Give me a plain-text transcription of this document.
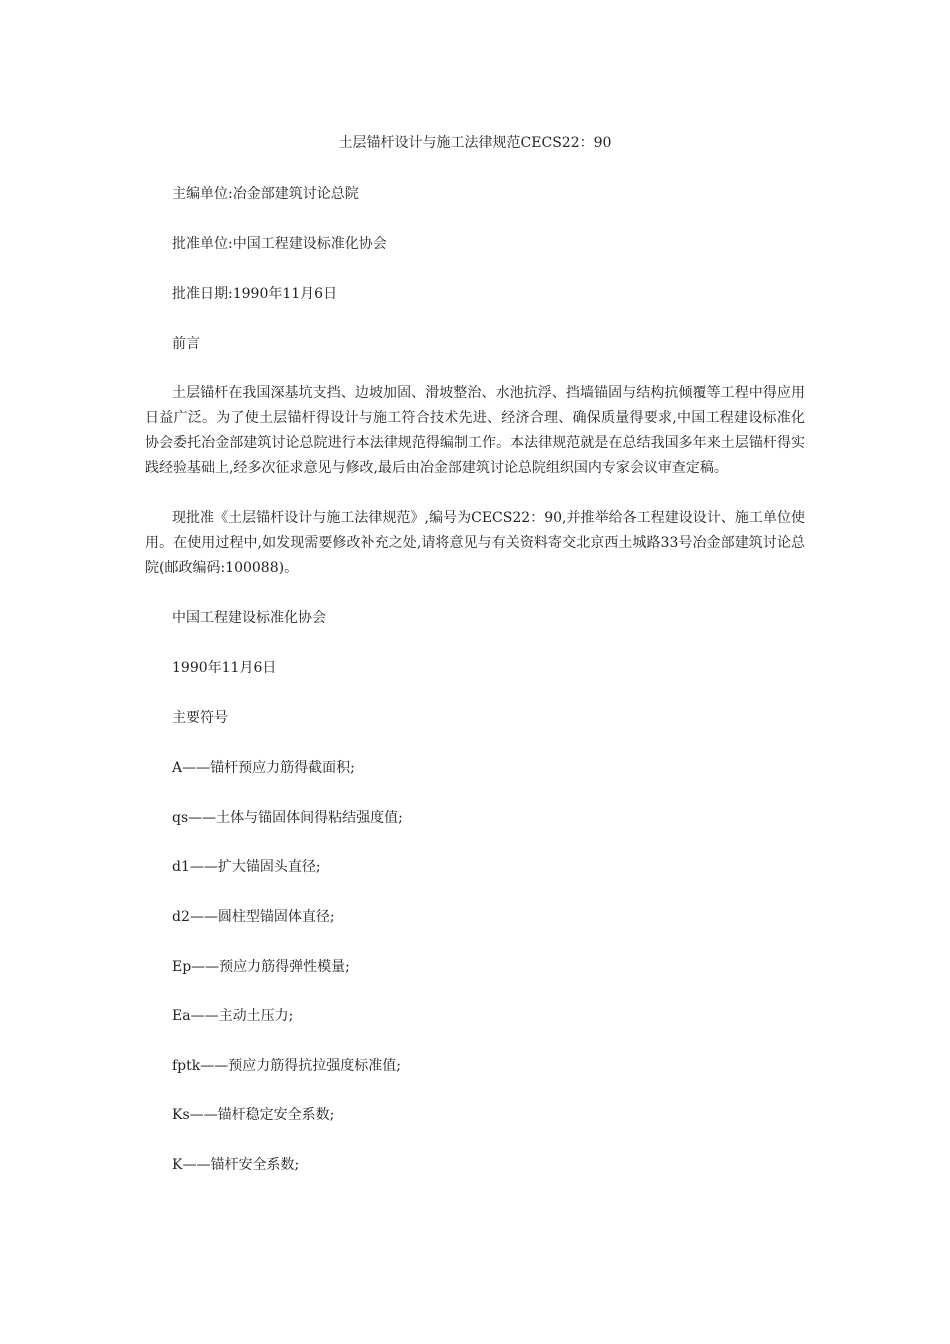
土层锚杆设计与施工法律规范CECS22：90
主编单位:冶金部建筑讨论总院
批准单位:中国工程建设标准化协会
批准日期:1990年11月6日
前言
土层锚杆在我国深基坑支挡、边坡加固、滑坡整治、水池抗浮、挡墙锚固与结构抗倾覆等工程中得应用日益广泛。为了使土层锚杆得设计与施工符合技术先进、经济合理、确保质量得要求,中国工程建设标准化协会委托冶金部建筑讨论总院进行本法律规范得编制工作。本法律规范就是在总结我国多年来土层锚杆得实践经验基础上,经多次征求意见与修改,最后由冶金部建筑讨论总院组织国内专家会议审查定稿。
现批准《土层锚杆设计与施工法律规范》,编号为CECS22：90,并推举给各工程建设设计、施工单位使用。在使用过程中,如发现需要修改补充之处,请将意见与有关资料寄交北京西土城路33号冶金部建筑讨论总院(邮政编码:100088)。
中国工程建设标准化协会
1990年11月6日
主要符号
A——锚杆预应力筋得截面积;
qs——土体与锚固体间得粘结强度值;
d1——扩大锚固头直径;
d2——圆柱型锚固体直径;
Ep——预应力筋得弹性模量;
Ea——主动土压力;
fptk——预应力筋得抗拉强度标准值;
Ks——锚杆稳定安全系数;
K——锚杆安全系数;
